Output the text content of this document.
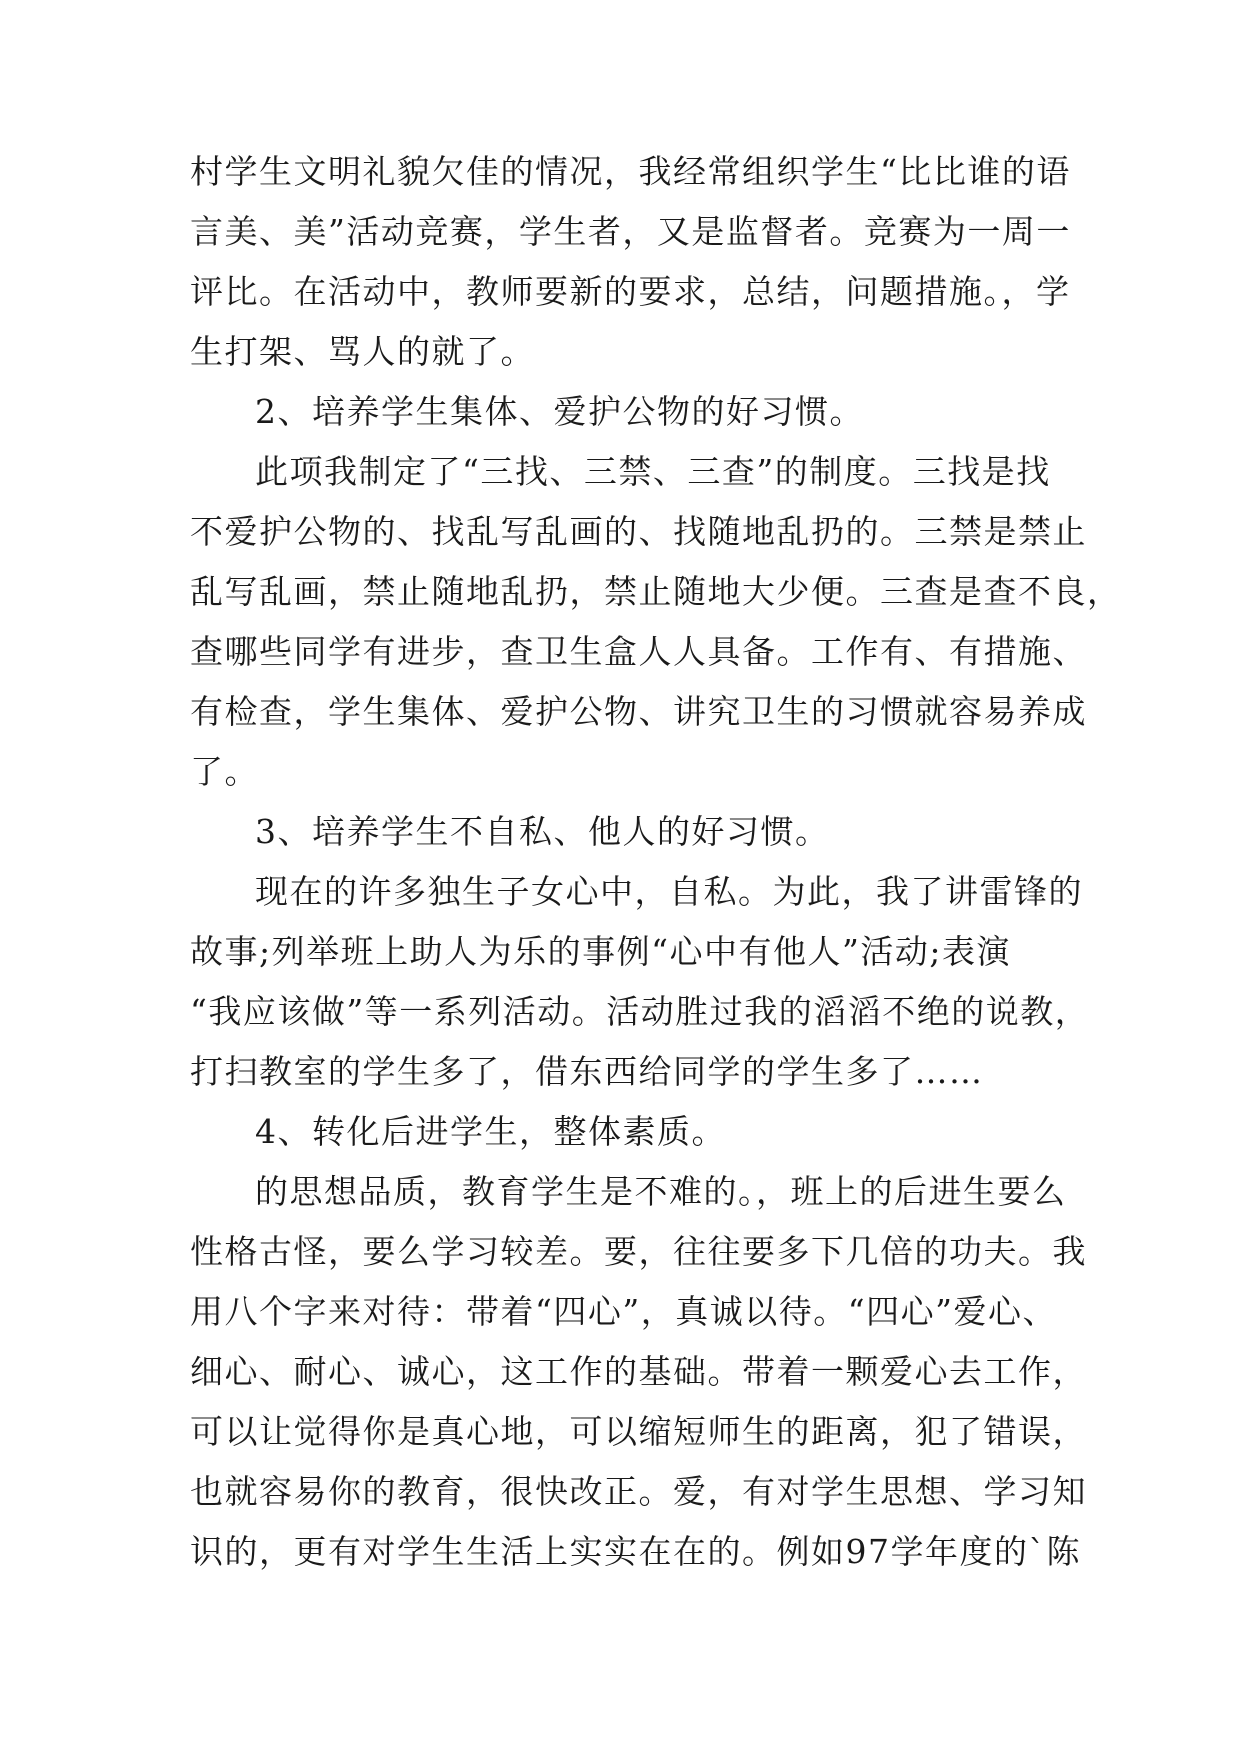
村学生文明礼貌欠佳的情况，我经常组织学生“比比谁的语

言美、美”活动竞赛，学生者，又是监督者。竞赛为一周一

评比。在活动中，教师要新的要求，总结，问题措施。，学

生打架、骂人的就了。

2、培养学生集体、爱护公物的好习惯。

此项我制定了“三找、三禁、三查”的制度。三找是找

不爱护公物的、找乱写乱画的、找随地乱扔的。三禁是禁止

乱写乱画，禁止随地乱扔，禁止随地大少便。三查是查不良，

查哪些同学有进步，查卫生盒人人具备。工作有、有措施、

有检查，学生集体、爱护公物、讲究卫生的习惯就容易养成

了。

3、培养学生不自私、他人的好习惯。

现在的许多独生子女心中，自私。为此，我了讲雷锋的

故事;列举班上助人为乐的事例“心中有他人”活动;表演

“我应该做”等一系列活动。活动胜过我的滔滔不绝的说教，

打扫教室的学生多了，借东西给同学的学生多了……

4、转化后进学生，整体素质。

的思想品质，教育学生是不难的。，班上的后进生要么

性格古怪，要么学习较差。要，往往要多下几倍的功夫。我

用八个字来对待：带着“四心”，真诚以待。“四心”爱心、

细心、耐心、诚心，这工作的基础。带着一颗爱心去工作，

可以让觉得你是真心地，可以缩短师生的距离，犯了错误，

也就容易你的教育，很快改正。爱，有对学生思想、学习知

识的，更有对学生生活上实实在在的。例如97学年度的`陈
